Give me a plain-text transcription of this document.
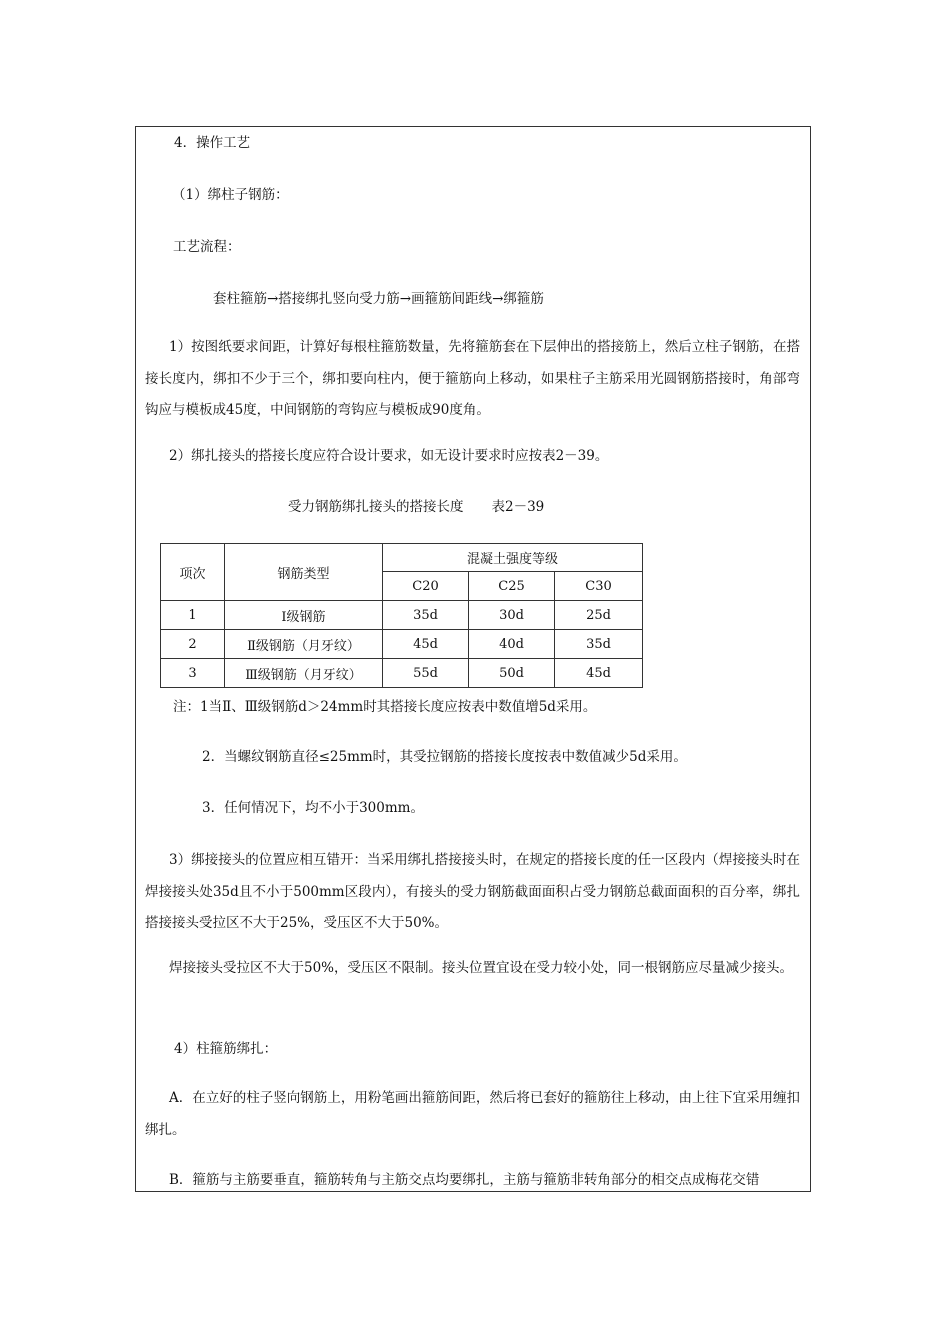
4．操作工艺
（1）绑柱子钢筋：
工艺流程：
套柱箍筋→搭接绑扎竖向受力筋→画箍筋间距线→绑箍筋
1）按图纸要求间距，计算好每根柱箍筋数量，先将箍筋套在下层伸出的搭接筋上，然后立柱子钢筋，在搭接长度内，绑扣不少于三个，绑扣要向柱内，便于箍筋向上移动，如果柱子主筋采用光圆钢筋搭接时，角部弯钩应与模板成45度，中间钢筋的弯钩应与模板成90度角。
2）绑扎接头的搭接长度应符合设计要求，如无设计要求时应按表2－39。
受力钢筋绑扎接头的搭接长度 表2－39
项次	钢筋类型	混凝土强度等级		
		C20	C25	C30
1	Ⅰ级钢筋	35d	30d	25d
2	Ⅱ级钢筋（月牙纹）	45d	40d	35d
3	Ⅲ级钢筋（月牙纹）	55d	50d	45d
注：1当Ⅱ、Ⅲ级钢筋d＞24mm时其搭接长度应按表中数值增5d采用。
2．当螺纹钢筋直径≤25mm时，其受拉钢筋的搭接长度按表中数值减少5d采用。
3．任何情况下，均不小于300mm。
3）绑接接头的位置应相互错开：当采用绑扎搭接接头时，在规定的搭接长度的任一区段内（焊接接头时在焊接接头处35d且不小于500mm区段内），有接头的受力钢筋截面面积占受力钢筋总截面面积的百分率，绑扎搭接接头受拉区不大于25%，受压区不大于50%。
焊接接头受拉区不大于50%，受压区不限制。接头位置宜设在受力较小处，同一根钢筋应尽量减少接头。
4）柱箍筋绑扎：
A．在立好的柱子竖向钢筋上，用粉笔画出箍筋间距，然后将已套好的箍筋往上移动，由上往下宜采用缠扣绑扎。
B．箍筋与主筋要垂直，箍筋转角与主筋交点均要绑扎，主筋与箍筋非转角部分的相交点成梅花交错
